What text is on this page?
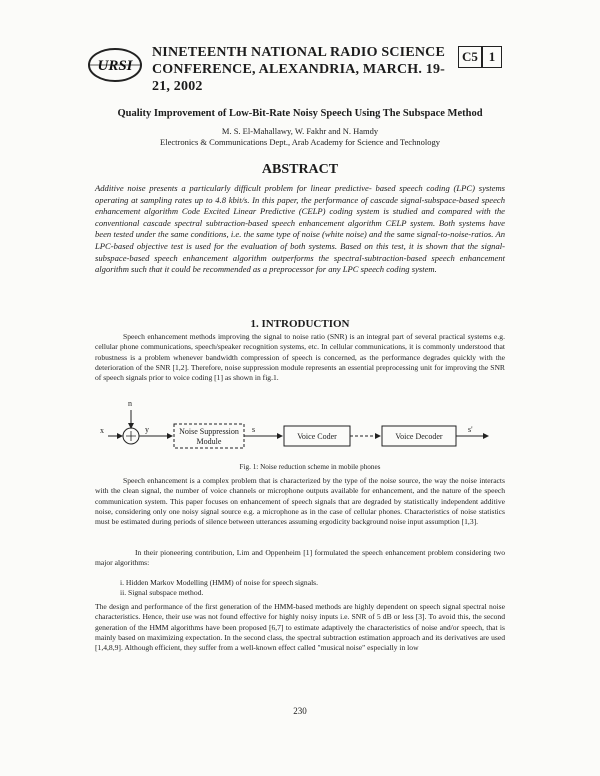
URSI
NINETEENTH NATIONAL RADIO SCIENCE
CONFERENCE, ALEXANDRIA, MARCH. 19-21, 2002
C5 1
Quality Improvement of Low-Bit-Rate Noisy Speech Using The Subspace Method
M. S. El-Mahallawy, W. Fakhr and N. Hamdy
Electronics & Communications Dept., Arab Academy for Science and Technology
ABSTRACT
Additive noise presents a particularly difficult problem for linear predictive- based speech coding (LPC) systems operating at sampling rates up to 4.8 kbit/s. In this paper, the performance of cascade signal-subspace-based speech enhancement algorithm Code Excited Linear Predictive (CELP) coding system is studied and compared with the conventional cascade spectral subtraction-based speech enhancement algorithm CELP system. Both systems have been tested under the same conditions, i.e. the same type of noise (white noise) and the same signal-to-noise-ratios. An LPC-based objective test is used for the evaluation of both systems. Based on this test, it is shown that the signal-subspace-based speech enhancement algorithm outperforms the spectral-subtraction-based speech enhancement algorithm such that it could be recommended as a preprocessor for any LPC speech coding system.
1. INTRODUCTION
Speech enhancement methods improving the signal to noise ratio (SNR) is an integral part of several practical systems e.g. cellular phone communications, speech/speaker recognition systems, etc. In cellular communications, it is commonly understood that robustness is a problem whenever bandwidth compression of speech is concerned, as the performance degrades quickly with the deterioration of the SNR [1,2]. Therefore, noise suppression module represents an essential preprocessing unit for improving the SNR of speech signals prior to voice coding [1] as shown in fig.1.
x
n
y	Noise Suppression
Module
s
Voice Coder	Voice Decoder
s'
Fig. 1: Noise reduction scheme in mobile phones
Speech enhancement is a complex problem that is characterized by the type of the noise source, the way the noise interacts with the clean signal, the number of voice channels or microphone outputs available for enhancement, and the nature of the speech communication system. This paper focuses on enhancement of speech signals that are degraded by statistically independent additive noise, considering only one noisy signal source e.g. a microphone as in the case of cellular phones. Characteristics of noise statistics must be estimated during periods of silence between utterances assuming ergodicity background noise input assumption [1,3].
In their pioneering contribution, Lim and Oppenheim [1] formulated the speech enhancement problem considering two major algorithms:
i. Hidden Markov Modelling (HMM) of noise for speech signals.
ii. Signal subspace method.
The design and performance of the first generation of the HMM-based methods are highly dependent on speech signal spectral noise characteristics. Hence, their use was not found effective for highly noisy inputs i.e. SNR of 5 dB or less [3]. To avoid this, the second generation of the HMM algorithms have been proposed [6,7] to estimate adaptively the characteristics of noise and/or speech, that is mainly based on maximizing expectation. In the second class, the spectral subtraction estimation approach and its derivatives are used [1,4,8,9]. Although efficient, they suffer from a well-known effect called "musical noise" especially in low
230
